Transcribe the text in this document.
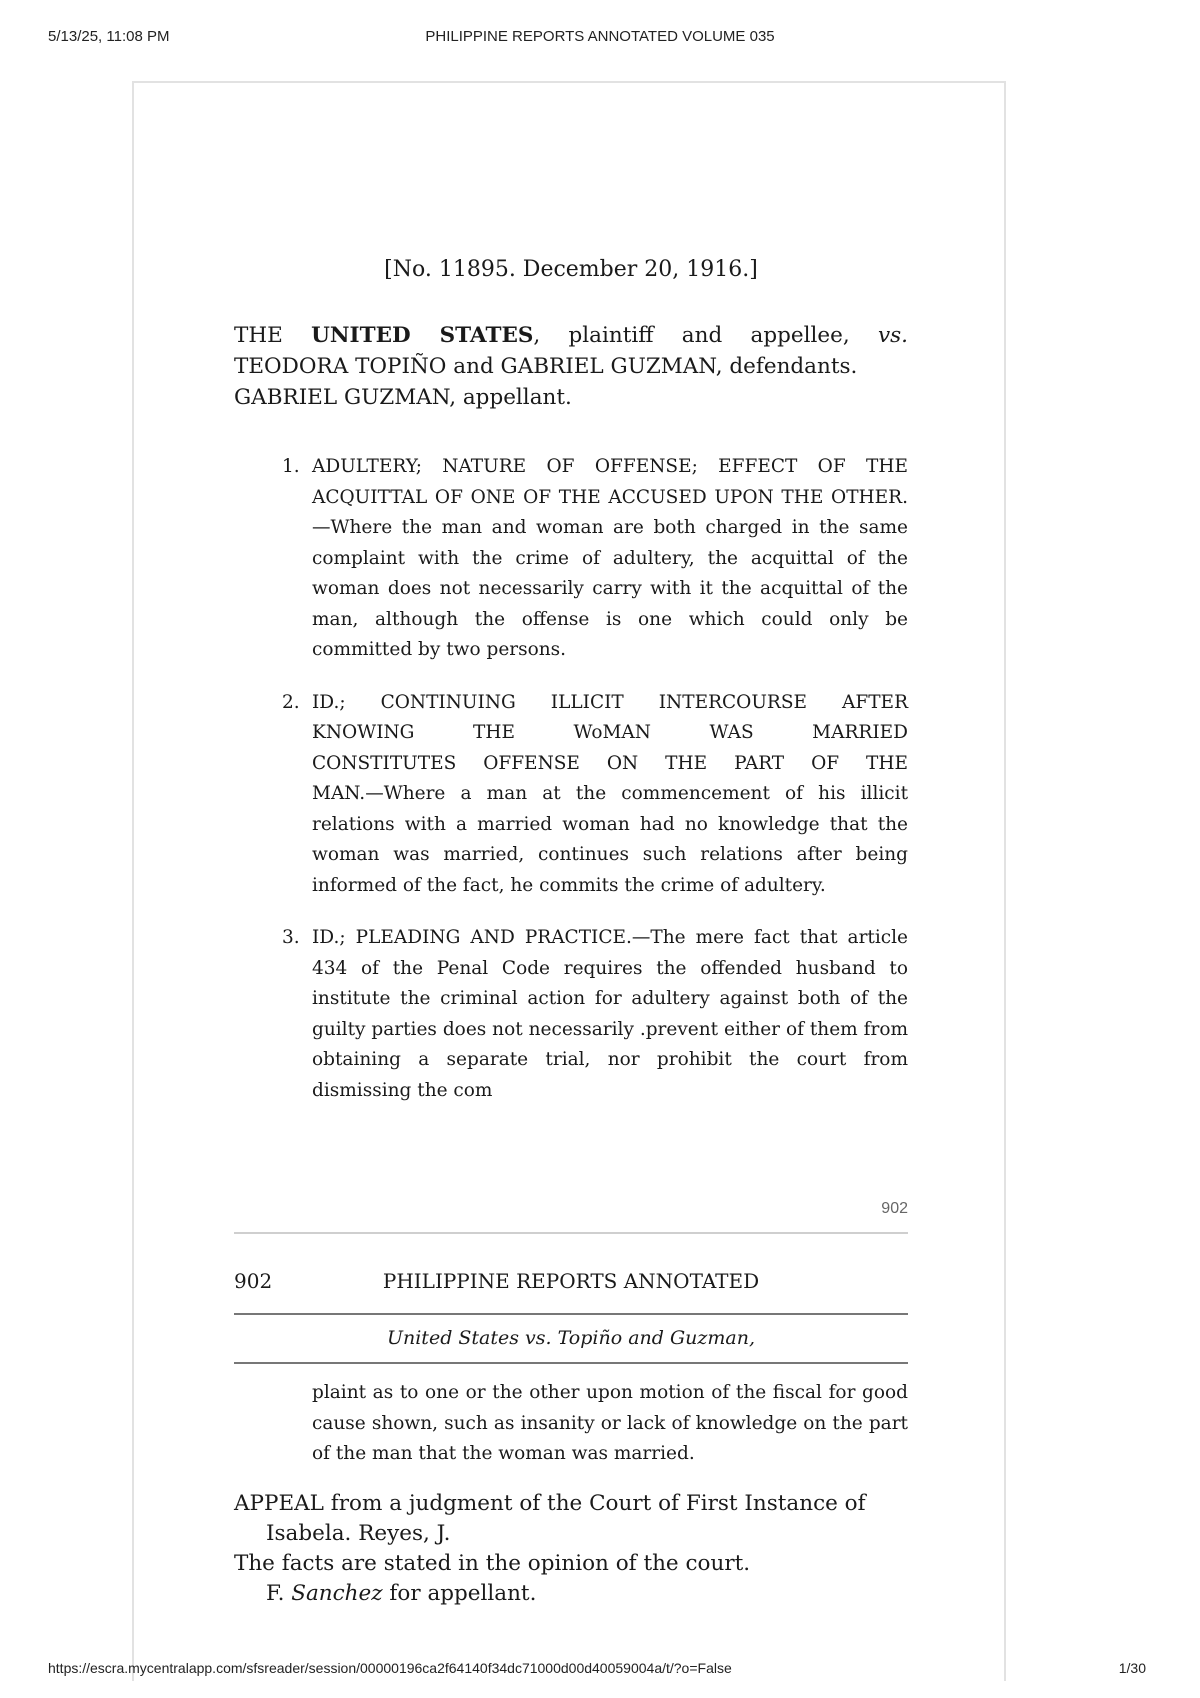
5/13/25, 11:08 PM	PHILIPPINE REPORTS ANNOTATED VOLUME 035
[No. 11895. December 20, 1916.]
THE UNITED STATES, plaintiff and appellee, vs.
TEODORA TOPIÑO and GABRIEL GUZMAN, defendants.
GABRIEL GUZMAN, appellant.
1. ADULTERY; NATURE OF OFFENSE; EFFECT OF THE ACQUITTAL OF ONE OF THE ACCUSED UPON THE OTHER.—Where the man and woman are both charged in the same complaint with the crime of adultery, the acquittal of the woman does not necessarily carry with it the acquittal of the man, although the offense is one which could only be committed by two persons.
2. ID.; CONTINUING ILLICIT INTERCOURSE AFTER
KNOWING THE WoMAN WAS MARRIED
CONSTITUTES OFFENSE ON THE PART OF THE
MAN.—Where a man at the commencement of his illicit relations with a married woman had no knowledge that the woman was married, continues such relations after being informed of the fact, he commits the crime of adultery.
3. ID.; PLEADING AND PRACTICE.—The mere fact that article 434 of the Penal Code requires the offended husband to institute the criminal action for adultery against both of the guilty parties does not necessarily .prevent either of them from obtaining a separate trial, nor prohibit the court from dismissing the com
902
902	PHILIPPINE REPORTS ANNOTATED
United States vs. Topiño and Guzman,
plaint as to one or the other upon motion of the fiscal for good cause shown, such as insanity or lack of knowledge on the part of the man that the woman was married.
APPEAL from a judgment of the Court of First Instance of Isabela. Reyes, J.
The facts are stated in the opinion of the court.
F. Sanchez for appellant.
https://escra.mycentralapp.com/sfsreader/session/00000196ca2f64140f34dc71000d00d40059004a/t/?o=False	1/30
